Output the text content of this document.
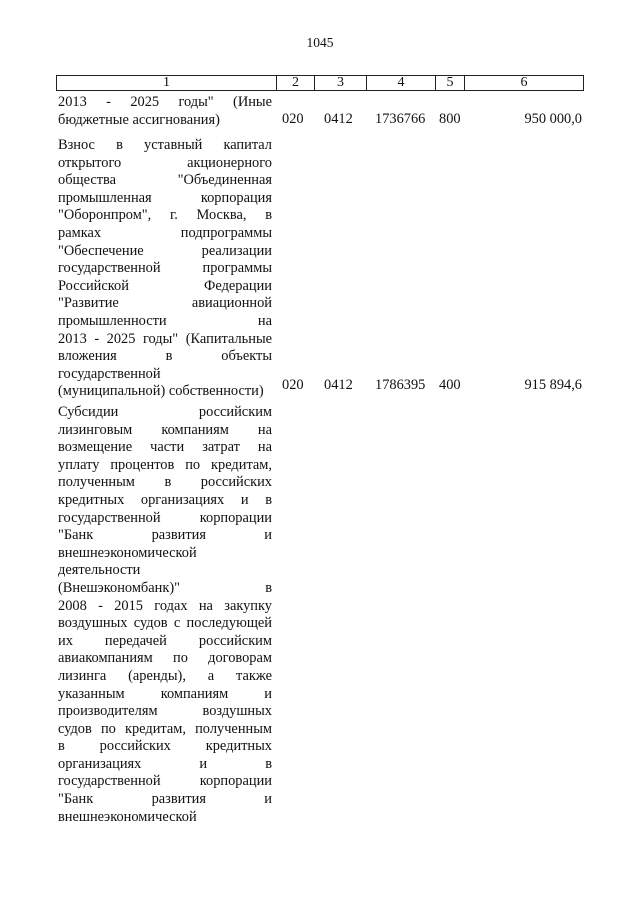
1045
1	2	3	4	5	6
2013 - 2025 годы" (Иные
бюджетные ассигнования)	020 0412 1736766 800	950 000,0
Взнос в уставный капитал
открытого акционерного
общества "Объединенная
промышленная корпорация
"Оборонпром", г. Москва, в
рамках подпрограммы
"Обеспечение реализации
государственной программы
Российской Федерации
"Развитие авиационной
промышленности на
2013 - 2025 годы" (Капитальные
вложения в объекты
государственной
(муниципальной) собственности)	020 0412 1786395 400	915 894,6
Субсидии российским
лизинговым компаниям на
возмещение части затрат на
уплату процентов по кредитам,
полученным в российских
кредитных организациях и в
государственной корпорации
"Банк развития и
внешнеэкономической
деятельности
(Внешэкономбанк)" в
2008 - 2015 годах на закупку
воздушных судов с последующей
их передачей российским
авиакомпаниям по договорам
лизинга (аренды), а также
указанным компаниям и
производителям воздушных
судов по кредитам, полученным
в российских кредитных
организациях и в
государственной корпорации
"Банк развития и
внешнеэкономической
